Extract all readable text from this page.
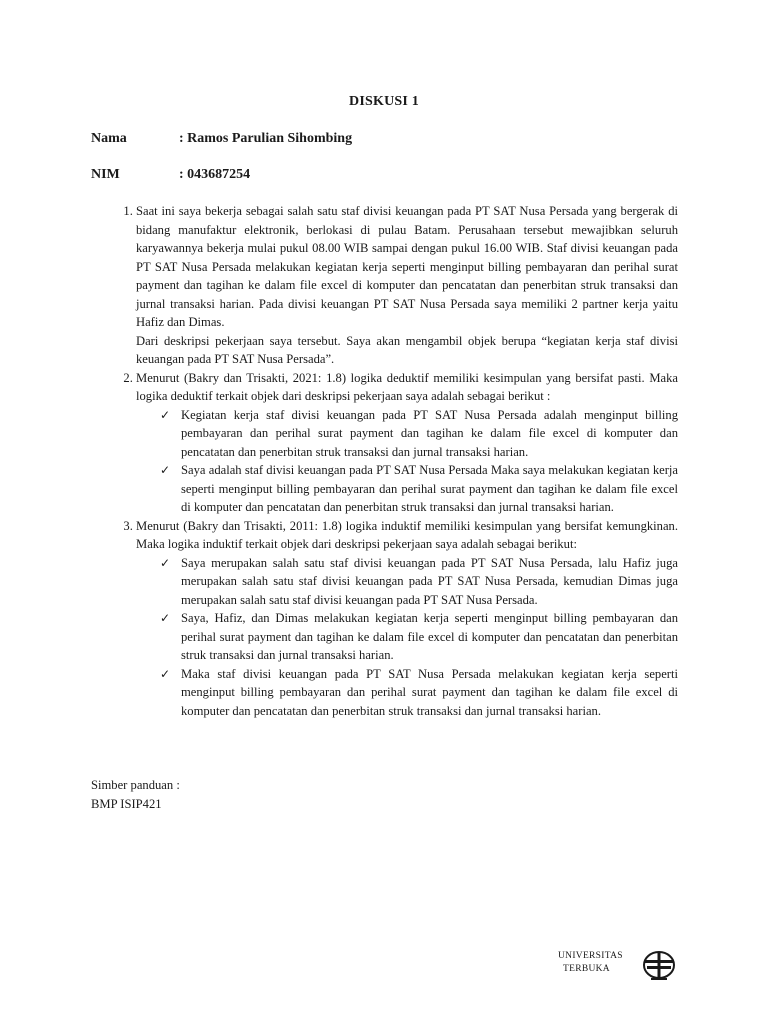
DISKUSI 1
Nama	: Ramos Parulian Sihombing
NIM	: 043687254
1. Saat ini saya bekerja sebagai salah satu staf divisi keuangan pada PT SAT Nusa Persada yang bergerak di bidang manufaktur elektronik, berlokasi di pulau Batam. Perusahaan tersebut mewajibkan seluruh karyawannya bekerja mulai pukul 08.00 WIB sampai dengan pukul 16.00 WIB. Staf divisi keuangan pada PT SAT Nusa Persada melakukan kegiatan kerja seperti menginput billing pembayaran dan perihal surat payment dan tagihan ke dalam file excel di komputer dan pencatatan dan penerbitan struk transaksi dan jurnal transaksi harian. Pada divisi keuangan PT SAT Nusa Persada saya memiliki 2 partner kerja yaitu Hafiz dan Dimas.
Dari deskripsi pekerjaan saya tersebut. Saya akan mengambil objek berupa “kegiatan kerja staf divisi keuangan pada PT SAT Nusa Persada”.
2. Menurut (Bakry dan Trisakti, 2021: 1.8) logika deduktif memiliki kesimpulan yang bersifat pasti. Maka logika deduktif terkait objek dari deskripsi pekerjaan saya adalah sebagai berikut :
✓ Kegiatan kerja staf divisi keuangan pada PT SAT Nusa Persada adalah menginput billing pembayaran dan perihal surat payment dan tagihan ke dalam file excel di komputer dan pencatatan dan penerbitan struk transaksi dan jurnal transaksi harian.
✓ Saya adalah staf divisi keuangan pada PT SAT Nusa Persada Maka saya melakukan kegiatan kerja seperti menginput billing pembayaran dan perihal surat payment dan tagihan ke dalam file excel di komputer dan pencatatan dan penerbitan struk transaksi dan jurnal transaksi harian.
3. Menurut (Bakry dan Trisakti, 2011: 1.8) logika induktif memiliki kesimpulan yang bersifat kemungkinan. Maka logika induktif terkait objek dari deskripsi pekerjaan saya adalah sebagai berikut:
✓ Saya merupakan salah satu staf divisi keuangan pada PT SAT Nusa Persada, lalu Hafiz juga merupakan salah satu staf divisi keuangan pada PT SAT Nusa Persada, kemudian Dimas juga merupakan salah satu staf divisi keuangan pada PT SAT Nusa Persada.
✓ Saya, Hafiz, dan Dimas melakukan kegiatan kerja seperti menginput billing pembayaran dan perihal surat payment dan tagihan ke dalam file excel di komputer dan pencatatan dan penerbitan struk transaksi dan jurnal transaksi harian.
✓ Maka staf divisi keuangan pada PT SAT Nusa Persada melakukan kegiatan kerja seperti menginput billing pembayaran dan perihal surat payment dan tagihan ke dalam file excel di komputer dan pencatatan dan penerbitan struk transaksi dan jurnal transaksi harian.
Simber panduan :
BMP ISIP421
UNIVERSITAS
TERBUKA
